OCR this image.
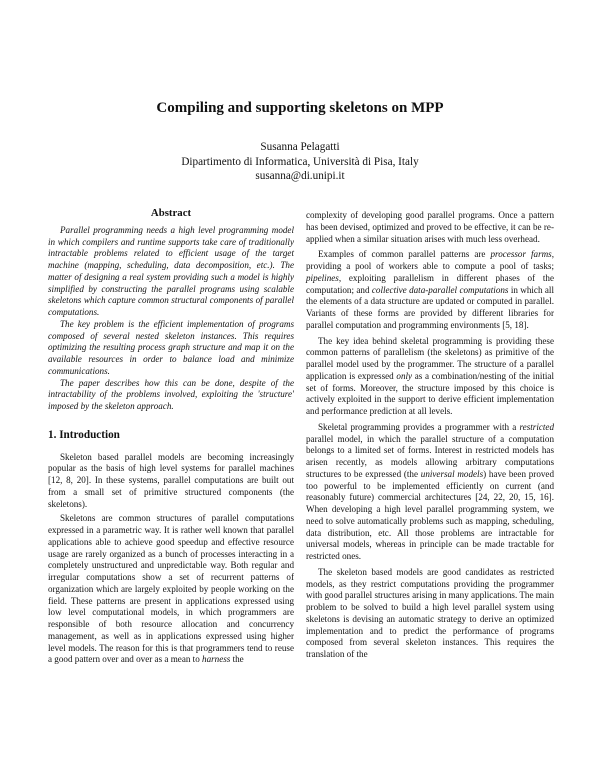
Compiling and supporting skeletons on MPP
Susanna Pelagatti
Dipartimento di Informatica, Università di Pisa, Italy
susanna@di.unipi.it
Abstract

Parallel programming needs a high level programming model in which compilers and runtime supports take care of traditionally intractable problems related to efficient usage of the target machine (mapping, scheduling, data decomposition, etc.). The matter of designing a real system providing such a model is highly simplified by constructing the parallel programs using scalable skeletons which capture common structural components of parallel computations.

The key problem is the efficient implementation of programs composed of several nested skeleton instances. This requires optimizing the resulting process graph structure and map it on the available resources in order to balance load and minimize communications.

The paper describes how this can be done, despite of the intractability of the problems involved, exploiting the 'structure' imposed by the skeleton approach.

1. Introduction

Skeleton based parallel models are becoming increasingly popular as the basis of high level systems for parallel machines [12, 8, 20]. In these systems, parallel computations are built out from a small set of primitive structured components (the skeletons).

Skeletons are common structures of parallel computations expressed in a parametric way. It is rather well known that parallel applications able to achieve good speedup and effective resource usage are rarely organized as a bunch of processes interacting in a completely unstructured and unpredictable way. Both regular and irregular computations show a set of recurrent patterns of organization which are largely exploited by people working on the field. These patterns are present in applications expressed using low level computational models, in which programmers are responsible of both resource allocation and concurrency management, as well as in applications expressed using higher level models. The reason for this is that programmers tend to reuse a good pattern over and over as a mean to harness the

complexity of developing good parallel programs. Once a pattern has been devised, optimized and proved to be effective, it can be re-applied when a similar situation arises with much less overhead.

Examples of common parallel patterns are processor farms, providing a pool of workers able to compute a pool of tasks; pipelines, exploiting parallelism in different phases of the computation; and collective data-parallel computations in which all the elements of a data structure are updated or computed in parallel. Variants of these forms are provided by different libraries for parallel computation and programming environments [5, 18].

The key idea behind skeletal programming is providing these common patterns of parallelism (the skeletons) as primitive of the parallel model used by the programmer. The structure of a parallel application is expressed only as a combination/nesting of the initial set of forms. Moreover, the structure imposed by this choice is actively exploited in the support to derive efficient implementation and performance prediction at all levels.

Skeletal programming provides a programmer with a restricted parallel model, in which the parallel structure of a computation belongs to a limited set of forms. Interest in restricted models has arisen recently, as models allowing arbitrary computations structures to be expressed (the universal models) have been proved too powerful to be implemented efficiently on current (and reasonably future) commercial architectures [24, 22, 20, 15, 16]. When developing a high level parallel programming system, we need to solve automatically problems such as mapping, scheduling, data distribution, etc. All those problems are intractable for universal models, whereas in principle can be made tractable for restricted ones.

The skeleton based models are good candidates as restricted models, as they restrict computations providing the programmer with good parallel structures arising in many applications. The main problem to be solved to build a high level parallel system using skeletons is devising an automatic strategy to derive an optimized implementation and to predict the performance of programs composed from several skeleton instances. This requires the translation of the
